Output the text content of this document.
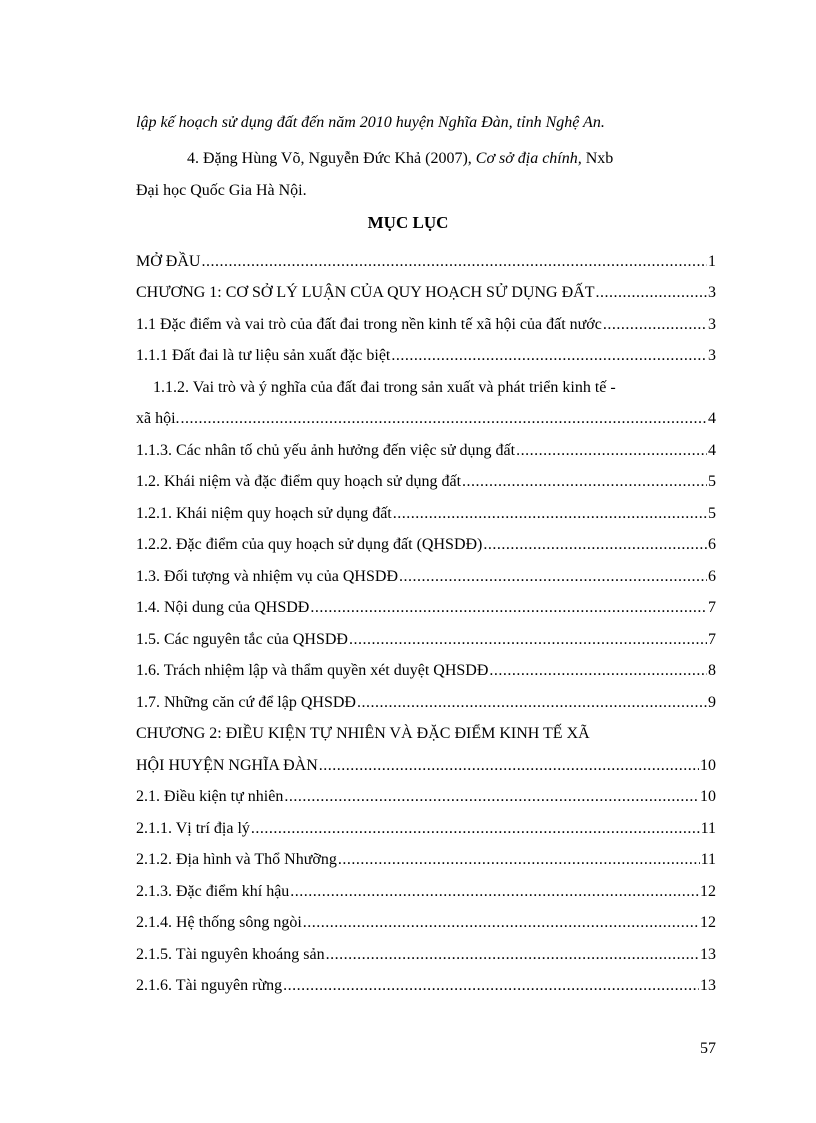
lập kế hoạch sử dụng đất đến năm 2010 huyện Nghĩa Đàn, tỉnh Nghệ An.
4. Đặng Hùng Võ, Nguyễn Đức Khả (2007), Cơ sở địa chính, Nxb
Đại học Quốc Gia Hà Nội.
MỤC LỤC
MỞ ĐẦU .....	1
CHƯƠNG 1: CƠ SỞ LÝ LUẬN CỦA QUY HOẠCH SỬ DỤNG ĐẤT .....	3
1.1 Đặc điểm và vai trò của đất đai trong nền kinh tế xã hội của đất nước .....	3
1.1.1 Đất đai là tư liệu sản xuất đặc biệt .....	3
1.1.2. Vai trò và ý nghĩa của đất đai trong sản xuất và phát triển kinh tế -
xã hội. .....	4
1.1.3. Các nhân tố chủ yếu ảnh hưởng đến việc sử dụng đất .....	4
1.2. Khái niệm và đặc điểm quy hoạch sử dụng đất .....	5
1.2.1. Khái niệm quy hoạch sử dụng đất .....	5
1.2.2. Đặc điểm của quy hoạch sử dụng đất (QHSDĐ) .....	6
1.3. Đối tượng và nhiệm vụ của QHSDĐ .....	6
1.4. Nội dung của QHSDĐ .....	7
1.5. Các nguyên tắc của QHSDĐ .....	7
1.6. Trách nhiệm lập và thẩm quyền xét duyệt QHSDĐ .....	8
1.7. Những căn cứ để lập QHSDĐ .....	9
CHƯƠNG 2: ĐIỀU KIỆN TỰ NHIÊN VÀ ĐẶC ĐIỂM KINH TẾ XÃ
HỘI HUYỆN NGHĨA ĐÀN .....	10
2.1. Điều kiện tự nhiên .....	10
2.1.1. Vị trí địa lý .....	11
2.1.2. Địa hình và Thổ Nhưỡng .....	11
2.1.3. Đặc điểm khí hậu .....	12
2.1.4. Hệ thống sông ngòi .....	12
2.1.5. Tài nguyên khoáng sản .....	13
2.1.6. Tài nguyên rừng .....	13
57
